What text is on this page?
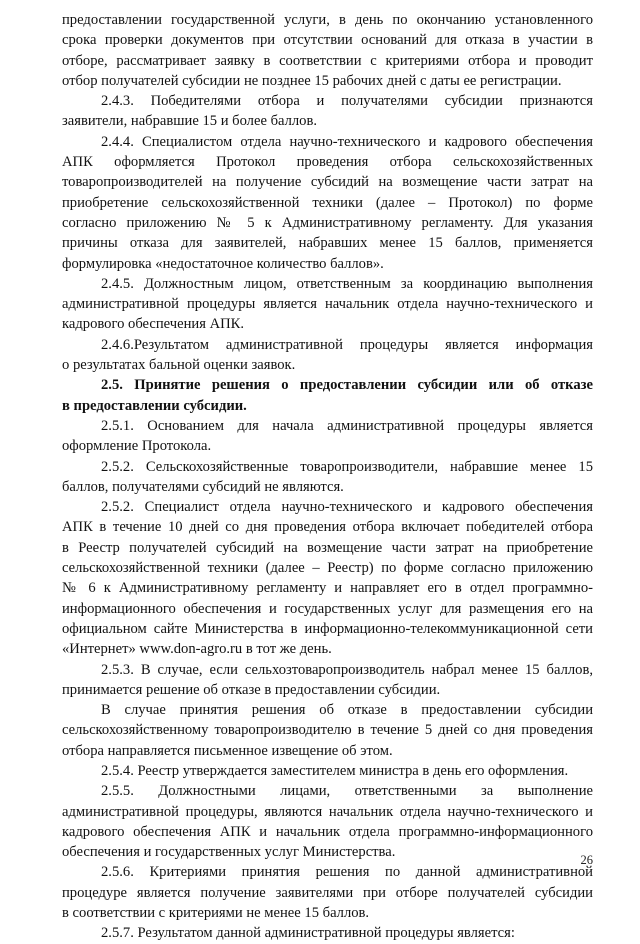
предоставлении государственной услуги, в день по окончанию установленного
срока проверки документов при отсутствии оснований для отказа в участии в
отборе, рассматривает заявку в соответствии с критериями отбора и проводит
отбор получателей субсидии не позднее 15 рабочих дней с даты ее регистрации.
2.4.3. Победителями отбора и получателями субсидии признаются
заявители, набравшие 15 и более баллов.
2.4.4. Специалистом отдела научно-технического и кадрового обеспечения
АПК оформляется Протокол проведения отбора сельскохозяйственных
товаропроизводителей на получение субсидий на возмещение части затрат на
приобретение сельскохозяйственной техники (далее – Протокол) по форме
согласно приложению № 5 к Административному регламенту. Для указания
причины отказа для заявителей, набравших менее 15 баллов, применяется
формулировка «недостаточное количество баллов».
2.4.5. Должностным лицом, ответственным за координацию выполнения
административной процедуры является начальник отдела научно-технического и
кадрового обеспечения АПК.
2.4.6.Результатом административной процедуры является информация
о результатах бальной оценки заявок.
2.5. Принятие решения о предоставлении субсидии или об отказе
в предоставлении субсидии.
2.5.1. Основанием для начала административной процедуры является
оформление Протокола.
2.5.2. Сельскохозяйственные товаропроизводители, набравшие менее 15
баллов, получателями субсидий не являются.
2.5.2. Специалист отдела научно-технического и кадрового обеспечения
АПК в течение 10 дней со дня проведения отбора включает победителей отбора
в Реестр получателей субсидий на возмещение части затрат на приобретение
сельскохозяйственной техники (далее – Реестр) по форме согласно приложению
№ 6 к Административному регламенту и направляет его в отдел программно-
информационного обеспечения и государственных услуг для размещения его на
официальном сайте Министерства в информационно-телекоммуникационной сети
«Интернет» www.don-agro.ru в тот же день.
2.5.3. В случае, если сельхозтоваропроизводитель набрал менее 15 баллов,
принимается решение об отказе в предоставлении субсидии.
В случае принятия решения об отказе в предоставлении субсидии
сельскохозяйственному товаропроизводителю в течение 5 дней со дня проведения
отбора направляется письменное извещение об этом.
2.5.4. Реестр утверждается заместителем министра в день его оформления.
2.5.5. Должностными лицами, ответственными за выполнение
административной процедуры, являются начальник отдела научно-технического и
кадрового обеспечения АПК и начальник отдела программно-информационного
обеспечения и государственных услуг Министерства.
2.5.6. Критериями принятия решения по данной административной
процедуре является получение заявителями при отборе получателей субсидии
в соответствии с критериями не менее 15 баллов.
2.5.7. Результатом данной административной процедуры является:
26
